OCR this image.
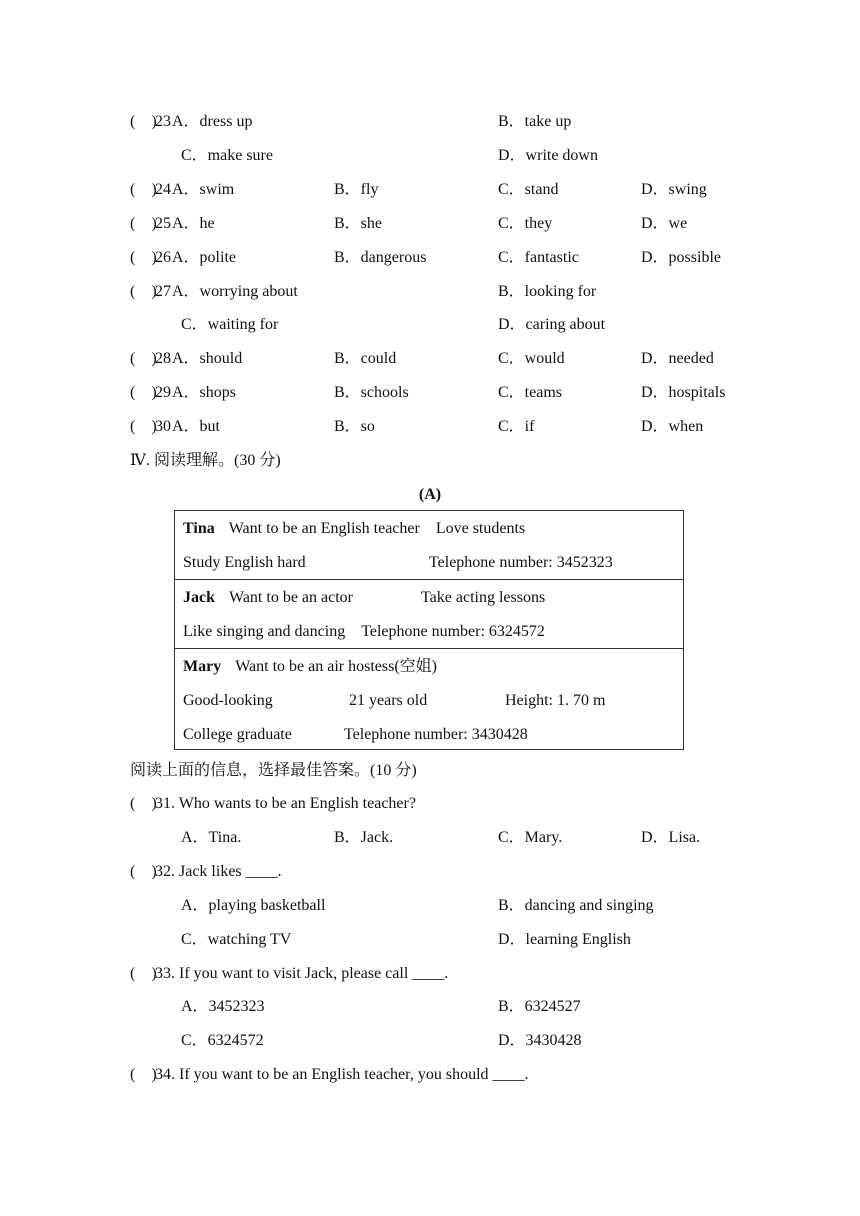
(    )
23 A．dress up	B．take up
C．make sure	D．write down
(    )
24 A．swim	B．fly	C．stand	D．swing
(    )
25 A．he	B．she	C．they	D．we
(    )
26 A．polite	B．dangerous	C．fantastic	D．possible
(    )
27 A．worrying about	B．looking for
C．waiting for	D．caring about
(    )
28 A．should	B．could	C．would	D．needed
(    )
29 A．shops	B．schools	C．teams	D．hospitals
(    )
30 A．but	B．so	C．if	D．when
Ⅳ. 阅读理解。(30 分)
(A)
Tina Want to be an English teacher Love students
Study English hard	Telephone number: 3452323
Jack Want to be an actor	Take acting lessons
Like singing and dancing Telephone number: 6324572
Mary Want to be an air hostess(空姐)
Good-looking	21 years old	Height: 1. 70 m
College graduate	Telephone number: 3430428
阅读上面的信息，选择最佳答案。(10 分)
(    )
31. Who wants to be an English teacher?
A．Tina.	B．Jack.	C．Mary.	D．Lisa.
(    )
32. Jack likes ____.
A．playing basketball	B．dancing and singing
C．watching TV	D．learning English
(    )
33. If you want to visit Jack, please call ____.
A．3452323	B．6324527
C．6324572	D．3430428
(    )
34. If you want to be an English teacher, you should ____.
